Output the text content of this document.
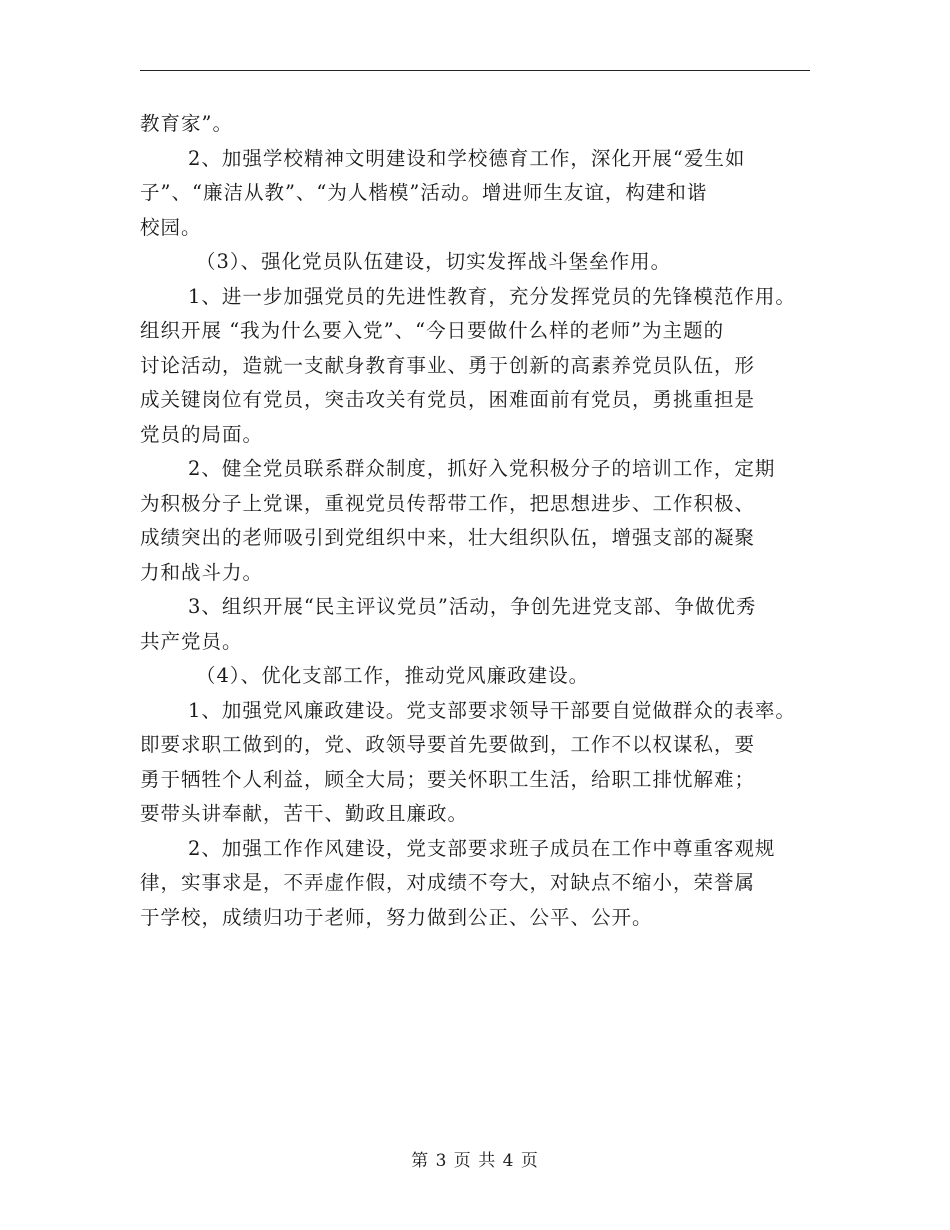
教育家”。
2、加强学校精神文明建设和学校德育工作，深化开展“爱生如
子”、“廉洁从教”、“为人楷模”活动。增进师生友谊，构建和谐
校园。
（3）、强化党员队伍建设，切实发挥战斗堡垒作用。
1、进一步加强党员的先进性教育，充分发挥党员的先锋模范作用。
组织开展 “我为什么要入党”、“今日要做什么样的老师”为主题的
讨论活动，造就一支献身教育事业、勇于创新的高素养党员队伍，形
成关键岗位有党员，突击攻关有党员，困难面前有党员，勇挑重担是
党员的局面。
2、健全党员联系群众制度，抓好入党积极分子的培训工作，定期
为积极分子上党课，重视党员传帮带工作，把思想进步、工作积极、
成绩突出的老师吸引到党组织中来，壮大组织队伍，增强支部的凝聚
力和战斗力。
3、组织开展“民主评议党员”活动，争创先进党支部、争做优秀
共产党员。
（4）、优化支部工作，推动党风廉政建设。
1、加强党风廉政建设。党支部要求领导干部要自觉做群众的表率。
即要求职工做到的，党、政领导要首先要做到，工作不以权谋私，要
勇于牺牲个人利益，顾全大局；要关怀职工生活，给职工排忧解难；
要带头讲奉献，苦干、勤政且廉政。
2、加强工作作风建设，党支部要求班子成员在工作中尊重客观规
律，实事求是，不弄虚作假，对成绩不夸大，对缺点不缩小，荣誉属
于学校，成绩归功于老师，努力做到公正、公平、公开。
第 3 页 共 4 页
